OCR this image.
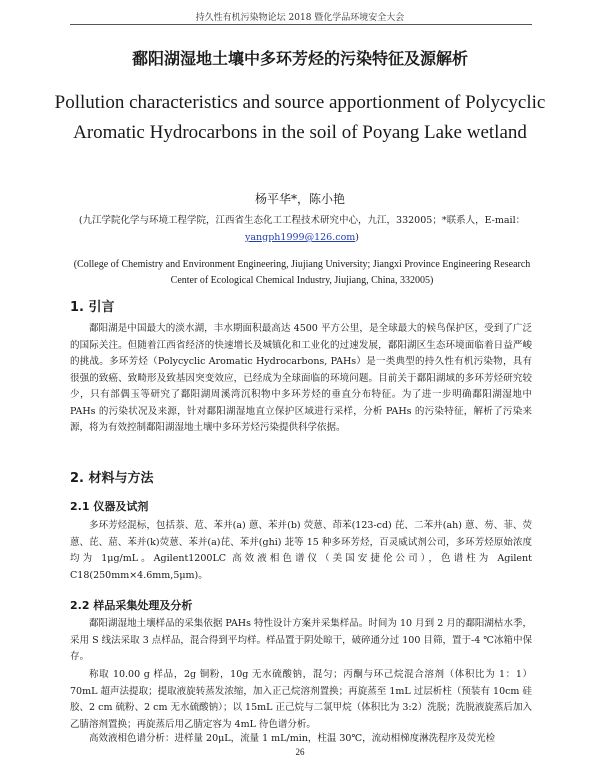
持久性有机污染物论坛 2018 暨化学品环境安全大会
鄱阳湖湿地土壤中多环芳烃的污染特征及源解析
Pollution characteristics and source apportionment of Polycyclic Aromatic Hydrocarbons in the soil of Poyang Lake wetland
杨平华*，陈小艳
(九江学院化学与环境工程学院，江西省生态化工工程技术研究中心，九江，332005；*联系人，E-mail：yangph1999@126.com)
(College of Chemistry and Environment Engineering, Jiujiang University; Jiangxi Province Engineering Research Center of Ecological Chemical Industry, Jiujiang, China, 332005)
1. 引言
鄱阳湖是中国最大的淡水湖，丰水期面积最高达 4500 平方公里，是全球最大的候鸟保护区，受到了广泛的国际关注。但随着江西省经济的快速增长及城镇化和工业化的过速发展，鄱阳湖区生态环境面临着日益严峻的挑战。多环芳烃（Polycyclic Aromatic Hydrocarbons, PAHs）是一类典型的持久性有机污染物，具有很强的致癌、致畸形及致基因突变效应，已经成为全球面临的环境问题。目前关于鄱阳湖域的多环芳烃研究较少，只有部偶玉等研究了鄱阳湖周溪湾沉积物中多环芳烃的垂直分布特征。为了进一步明确鄱阳湖湿地中 PAHs 的污染状况及来源，针对鄱阳湖湿地直立保护区域进行采样，分析 PAHs 的污染特征，解析了污染来源，将为有效控制鄱阳湖湿地土壤中多环芳烃污染提供科学依据。
2. 材料与方法
2.1 仪器及试剂
多环芳烃混标，包括萘、苊、苯并(a) 蒽、苯并(b) 荧蒽、茚苯(123-cd) 芘、二苯并(ah) 蒽、芴、菲、荧蒽、芘、䓛、苯并(k)荧蒽、苯并(a)芘、苯并(ghi) 苝等 15 种多环芳烃，百灵威试剂公司，多环芳烃原始浓度均为 1μg/mL。Agilent1200LC 高效液相色谱仪（美国安捷伦公司），色谱柱为 Agilent C18(250mm×4.6mm,5μm)。
2.2 样品采集处理及分析
鄱阳湖湿地土壤样品的采集依据 PAHs 特性设计方案并采集样品。时间为 10 月到 2 月的鄱阳湖枯水季，采用 S 线法采取 3 点样品，混合得到平均样。样品置于阴处晾干，破碎通分过 100 目筛，置于-4 ℃冰箱中保存。
称取 10.00 g 样品，2g 铜粉，10g 无水硫酸钠，混匀；丙酮与环己烷混合溶剂（体积比为 1：1）70mL 超声法提取；提取液旋转蒸发浓缩，加入正己烷溶剂置换；再旋蒸至 1mL 过层析柱（预装有 10cm 硅胶、2 cm 硫粉、2 cm 无水硫酸钠）；以 15mL 正己烷与二氯甲烷（体积比为 3:2）洗脱；洗脱液旋蒸后加入乙腈溶剂置换；再旋蒸后用乙腈定容为 4mL 待色谱分析。
高效液相色谱分析：进样量 20μL，流量 1 mL/min，柱温 30℃，流动相梯度淋洗程序及荧光检
26
